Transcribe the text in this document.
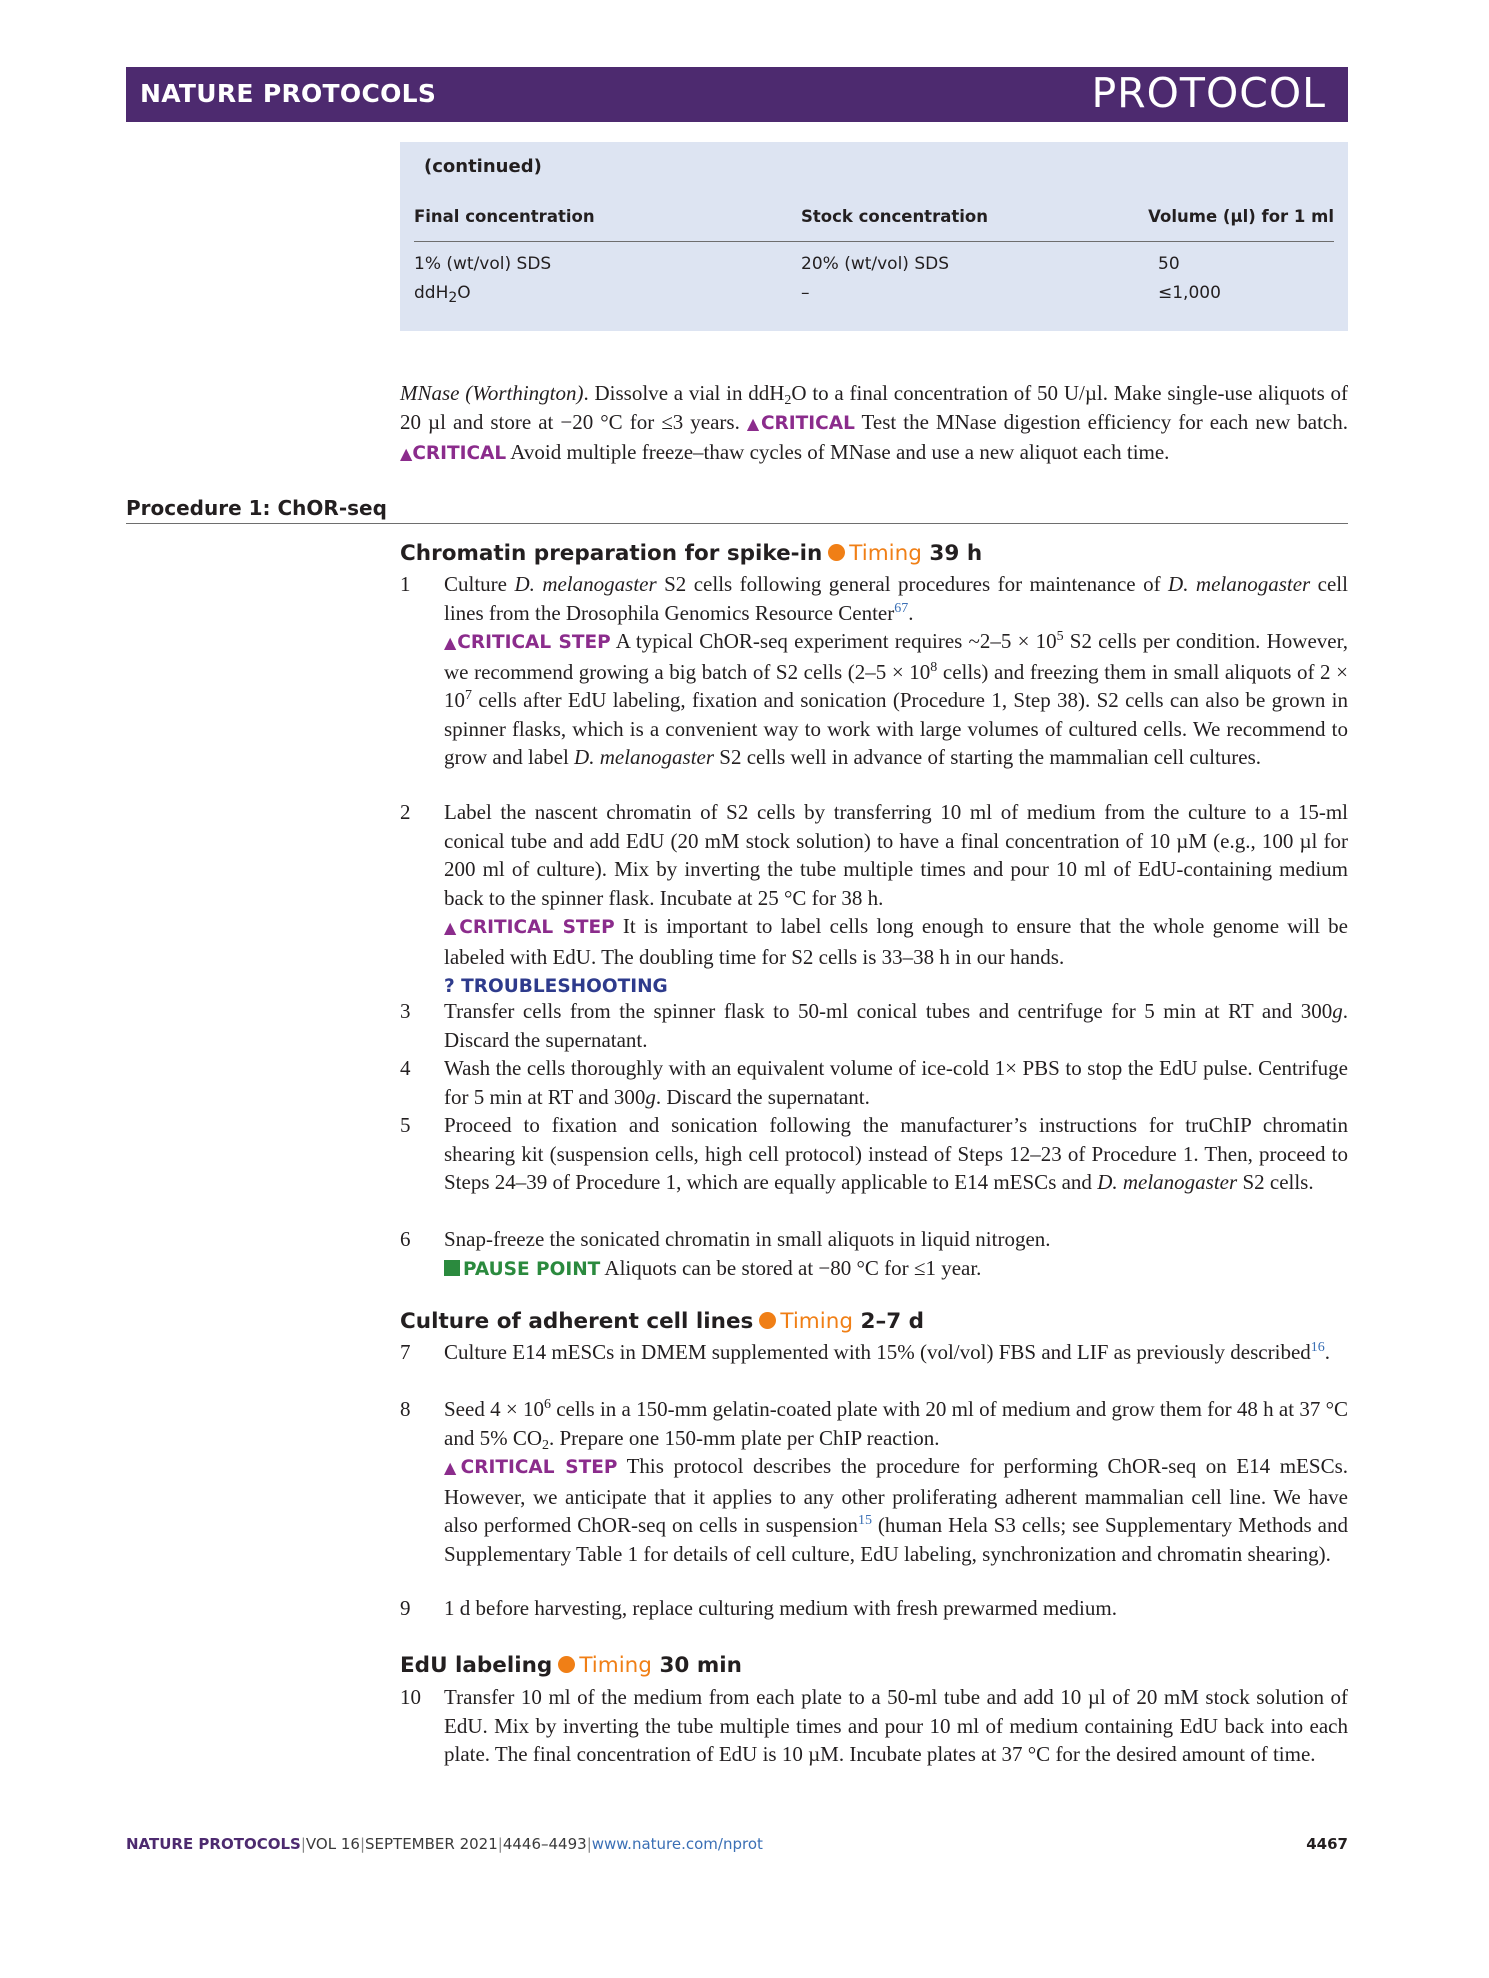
NATURE PROTOCOLS	PROTOCOL
(continued)
Final concentration	Stock concentration	Volume (µl) for 1 ml
1% (wt/vol) SDS	20% (wt/vol) SDS	50
ddH$_2$O	–	≤1,000

MNase (Worthington). Dissolve a vial in ddH$_2$O to a final concentration of 50 U/µl. Make single-use aliquots of 20 µl and store at −20 °C for ≤3 years. ▲CRITICAL Test the MNase digestion efficiency for each new batch. ▲CRITICAL Avoid multiple freeze–thaw cycles of MNase and use a new aliquot each time.

Procedure 1: ChOR-seq
Chromatin preparation for spike-in Timing 39 h
1	Culture D. melanogaster S2 cells following general procedures for maintenance of D. melanogaster cell lines from the Drosophila Genomics Resource Center$^{67}$.
▲CRITICAL STEP A typical ChOR-seq experiment requires ~2–5 × $10^5$ S2 cells per condition. However, we recommend growing a big batch of S2 cells ($2-5 \times 10^8$ cells) and freezing them in small aliquots of $2 \times 10^7$ cells after EdU labeling, fixation and sonication (Procedure 1, Step 38). S2 cells can also be grown in spinner flasks, which is a convenient way to work with large volumes of cultured cells. We recommend to grow and label D. melanogaster S2 cells well in advance of starting the mammalian cell cultures.
2	Label the nascent chromatin of S2 cells by transferring 10 ml of medium from the culture to a 15-ml conical tube and add EdU (20 mM stock solution) to have a final concentration of 10 µM (e.g., 100 µl for 200 ml of culture). Mix by inverting the tube multiple times and pour 10 ml of EdU-containing medium back to the spinner flask. Incubate at 25 °C for 38 h.
▲CRITICAL STEP It is important to label cells long enough to ensure that the whole genome will be labeled with EdU. The doubling time for S2 cells is 33–38 h in our hands.
? TROUBLESHOOTING
3	Transfer cells from the spinner flask to 50-ml conical tubes and centrifuge for 5 min at RT and 300g. Discard the supernatant.
4	Wash the cells thoroughly with an equivalent volume of ice-cold 1× PBS to stop the EdU pulse. Centrifuge for 5 min at RT and 300g. Discard the supernatant.
5	Proceed to fixation and sonication following the manufacturer’s instructions for truChIP chromatin shearing kit (suspension cells, high cell protocol) instead of Steps 12–23 of Procedure 1. Then, proceed to Steps 24–39 of Procedure 1, which are equally applicable to E14 mESCs and D. melanogaster S2 cells.
6	Snap-freeze the sonicated chromatin in small aliquots in liquid nitrogen.
PAUSE POINT Aliquots can be stored at −80 °C for ≤1 year.
Culture of adherent cell lines Timing 2–7 d
7	Culture E14 mESCs in DMEM supplemented with 15% (vol/vol) FBS and LIF as previously described$^{16}$.
8	Seed $4 \times 10^6$ cells in a 150-mm gelatin-coated plate with 20 ml of medium and grow them for 48 h at 37 °C and 5% $CO_2$. Prepare one 150-mm plate per ChIP reaction.
▲CRITICAL STEP This protocol describes the procedure for performing ChOR-seq on E14 mESCs. However, we anticipate that it applies to any other proliferating adherent mammalian cell line. We have also performed ChOR-seq on cells in suspension$^{15}$ (human Hela S3 cells; see Supplementary Methods and Supplementary Table 1 for details of cell culture, EdU labeling, synchronization and chromatin shearing).
9	1 d before harvesting, replace culturing medium with fresh prewarmed medium.
EdU labeling Timing 30 min
10	Transfer 10 ml of the medium from each plate to a 50-ml tube and add 10 µl of 20 mM stock solution of EdU. Mix by inverting the tube multiple times and pour 10 ml of medium containing EdU back into each plate. The final concentration of EdU is 10 µM. Incubate plates at 37 °C for the desired amount of time.
NATURE PROTOCOLS|VOL 16|SEPTEMBER 2021|4446–4493|www.nature.com/nprot	4467
